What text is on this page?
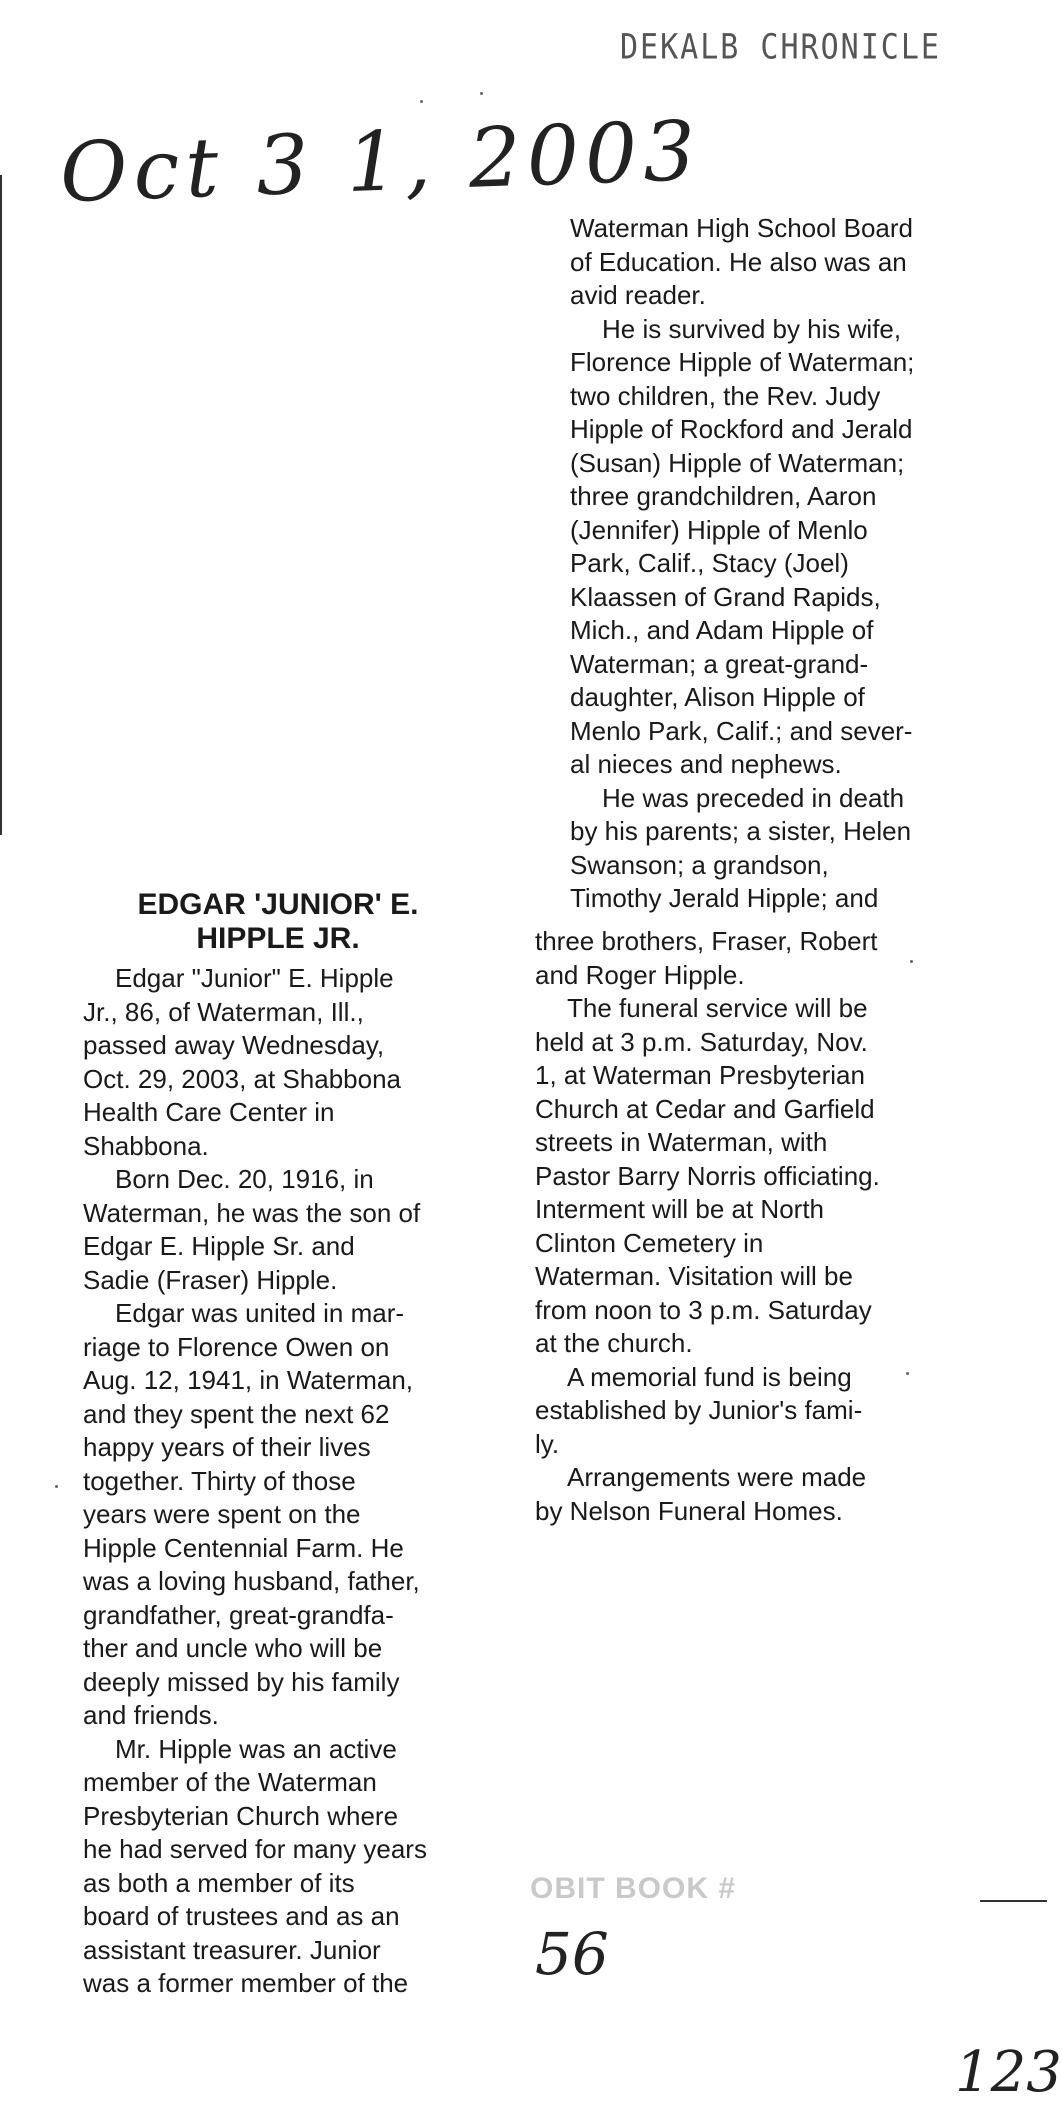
DEKALB CHRONICLE
Oct 3 1, 2003

Waterman High School Board
of Education. He also was an
avid reader.

He is survived by his wife,
Florence Hipple of Waterman;
two children, the Rev. Judy
Hipple of Rockford and Jerald
(Susan) Hipple of Waterman;
three grandchildren, Aaron
(Jennifer) Hipple of Menlo
Park, Calif., Stacy (Joel)
Klaassen of Grand Rapids,
Mich., and Adam Hipple of
Waterman; a great-grand-
daughter, Alison Hipple of
Menlo Park, Calif.; and sever-
al nieces and nephews.

He was preceded in death
by his parents; a sister, Helen
Swanson; a grandson,
Timothy Jerald Hipple; and

EDGAR 'JUNIOR' E.
HIPPLE JR.

Edgar "Junior" E. Hipple
Jr., 86, of Waterman, Ill.,
passed away Wednesday,
Oct. 29, 2003, at Shabbona
Health Care Center in
Shabbona.

Born Dec. 20, 1916, in
Waterman, he was the son of
Edgar E. Hipple Sr. and
Sadie (Fraser) Hipple.

Edgar was united in mar-
riage to Florence Owen on
Aug. 12, 1941, in Waterman,
and they spent the next 62
happy years of their lives
together. Thirty of those
years were spent on the
Hipple Centennial Farm. He
was a loving husband, father,
grandfather, great-grandfa-
ther and uncle who will be
deeply missed by his family
and friends.

Mr. Hipple was an active
member of the Waterman
Presbyterian Church where
he had served for many years
as both a member of its
board of trustees and as an
assistant treasurer. Junior
was a former member of the

three brothers, Fraser, Robert
and Roger Hipple.

The funeral service will be
held at 3 p.m. Saturday, Nov.
1, at Waterman Presbyterian
Church at Cedar and Garfield
streets in Waterman, with
Pastor Barry Norris officiating.
Interment will be at North
Clinton Cemetery in
Waterman. Visitation will be
from noon to 3 p.m. Saturday
at the church.

A memorial fund is being
established by Junior's fami-
ly.

Arrangements were made
by Nelson Funeral Homes.

OBIT BOOK #
56
123
